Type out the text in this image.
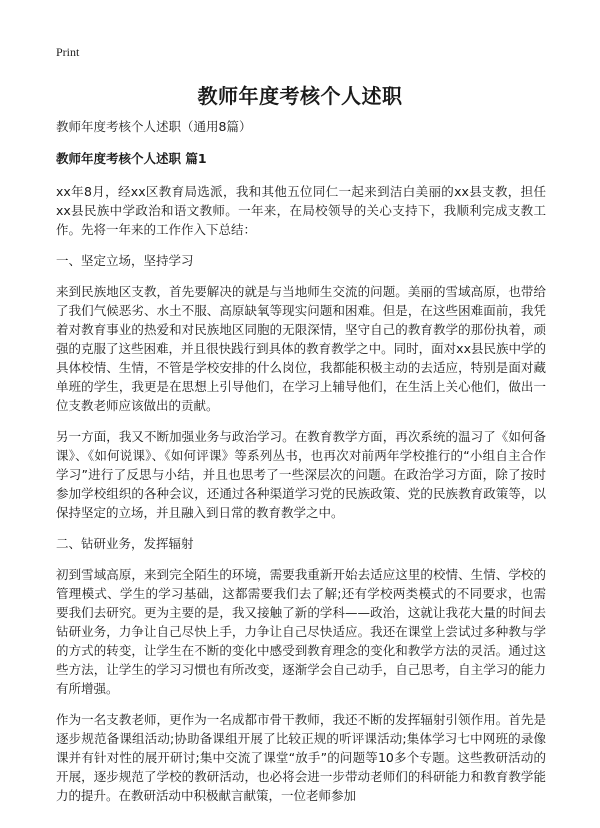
Print
教师年度考核个人述职

教师年度考核个人述职（通用8篇）

教师年度考核个人述职 篇1

xx年8月，经xx区教育局选派，我和其他五位同仁一起来到洁白美丽的xx县支教，担任xx县民族中学政治和语文教师。一年来，在局校领导的关心支持下，我顺利完成支教工作。先将一年来的工作作入下总结：

一、坚定立场，坚持学习

来到民族地区支教，首先要解决的就是与当地师生交流的问题。美丽的雪域高原，也带给了我们气候恶劣、水土不服、高原缺氧等现实问题和困难。但是，在这些困难面前，我凭着对教育事业的热爱和对民族地区同胞的无限深情，坚守自己的教育教学的那份执着，顽强的克服了这些困难，并且很快践行到具体的教育教学之中。同时，面对xx县民族中学的具体校情、生情，不管是学校安排的什么岗位，我都能积极主动的去适应，特别是面对藏单班的学生，我更是在思想上引导他们，在学习上辅导他们，在生活上关心他们，做出一位支教老师应该做出的贡献。

另一方面，我又不断加强业务与政治学习。在教育教学方面，再次系统的温习了《如何备课》、《如何说课》、《如何评课》等系列丛书，也再次对前两年学校推行的“小组自主合作学习”进行了反思与小结，并且也思考了一些深层次的问题。在政治学习方面，除了按时参加学校组织的各种会议，还通过各种渠道学习党的民族政策、党的民族教育政策等，以保持坚定的立场，并且融入到日常的教育教学之中。

二、钻研业务，发挥辐射

初到雪域高原，来到完全陌生的环境，需要我重新开始去适应这里的校情、生情、学校的管理模式、学生的学习基础，这都需要我们去了解;还有学校两类模式的不同要求，也需要我们去研究。更为主要的是，我又接触了新的学科——政治，这就让我花大量的时间去钻研业务，力争让自己尽快上手，力争让自己尽快适应。我还在课堂上尝试过多种教与学的方式的转变，让学生在不断的变化中感受到教育理念的变化和教学方法的灵活。通过这些方法，让学生的学习习惯也有所改变，逐渐学会自己动手，自己思考，自主学习的能力有所增强。

作为一名支教老师，更作为一名成都市骨干教师，我还不断的发挥辐射引领作用。首先是逐步规范备课组活动;协助备课组开展了比较正规的听评课活动;集体学习七中网班的录像课并有针对性的展开研讨;集中交流了课堂“放手”的问题等10多个专题。这些教研活动的开展，逐步规范了学校的教研活动，也必将会进一步带动老师们的科研能力和教育教学能力的提升。在教研活动中积极献言献策，一位老师参加
